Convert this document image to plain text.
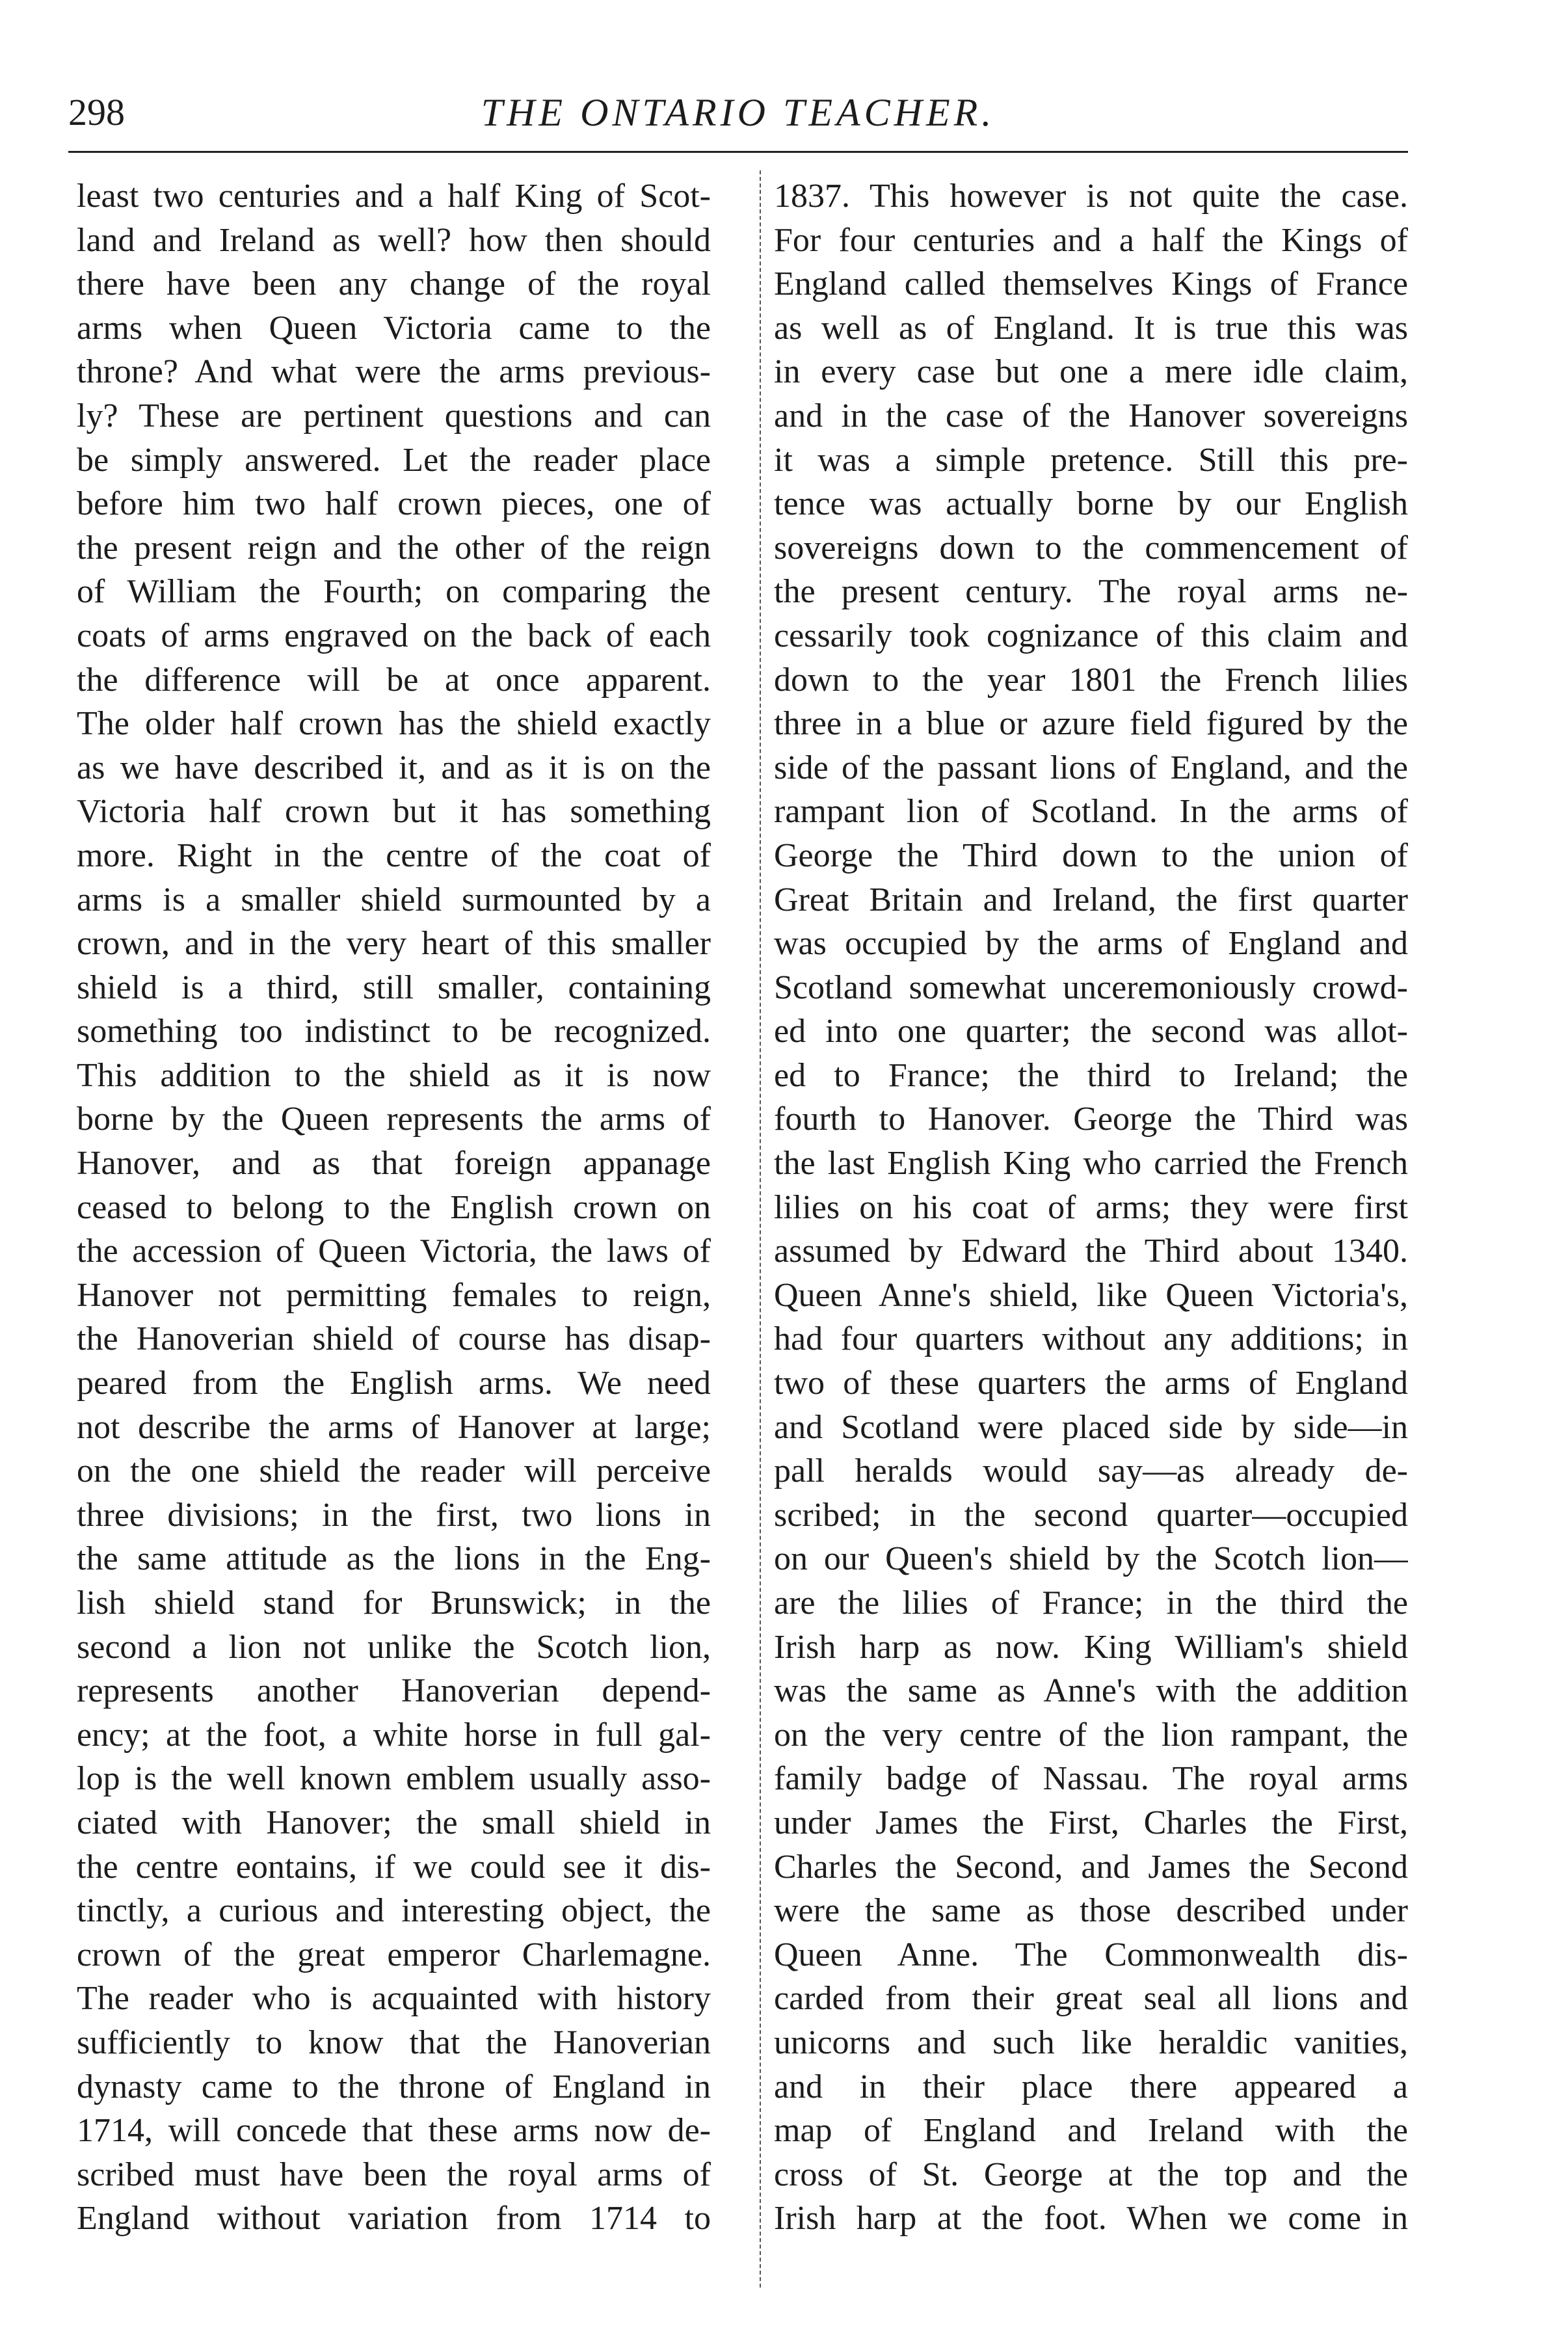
298	THE ONTARIO TEACHER.

least two centuries and a half King of Scot-
land and Ireland as well? how then should
there have been any change of the royal
arms when Queen Victoria came to the
throne? And what were the arms previous-
ly? These are pertinent questions and can
be simply answered. Let the reader place
before him two half crown pieces, one of
the present reign and the other of the reign
of William the Fourth; on comparing the
coats of arms engraved on the back of each
the difference will be at once apparent.
The older half crown has the shield exactly
as we have described it, and as it is on the
Victoria half crown but it has something
more. Right in the centre of the coat of
arms is a smaller shield surmounted by a
crown, and in the very heart of this smaller
shield is a third, still smaller, containing
something too indistinct to be recognized.
This addition to the shield as it is now
borne by the Queen represents the arms of
Hanover, and as that foreign appanage
ceased to belong to the English crown on
the accession of Queen Victoria, the laws of
Hanover not permitting females to reign,
the Hanoverian shield of course has disap-
peared from the English arms. We need
not describe the arms of Hanover at large;
on the one shield the reader will perceive
three divisions; in the first, two lions in
the same attitude as the lions in the Eng-
lish shield stand for Brunswick; in the
second a lion not unlike the Scotch lion,
represents another Hanoverian depend-
ency; at the foot, a white horse in full gal-
lop is the well known emblem usually asso-
ciated with Hanover; the small shield in
the centre eontains, if we could see it dis-
tinctly, a curious and interesting object, the
crown of the great emperor Charlemagne.
The reader who is acquainted with history
sufficiently to know that the Hanoverian
dynasty came to the throne of England in
1714, will concede that these arms now de-
scribed must have been the royal arms of
England without variation from 1714 to

1837. This however is not quite the case.
For four centuries and a half the Kings of
England called themselves Kings of France
as well as of England. It is true this was
in every case but one a mere idle claim,
and in the case of the Hanover sovereigns
it was a simple pretence. Still this pre-
tence was actually borne by our English
sovereigns down to the commencement of
the present century. The royal arms ne-
cessarily took cognizance of this claim and
down to the year 1801 the French lilies
three in a blue or azure field figured by the
side of the passant lions of England, and the
rampant lion of Scotland. In the arms of
George the Third down to the union of
Great Britain and Ireland, the first quarter
was occupied by the arms of England and
Scotland somewhat unceremoniously crowd-
ed into one quarter; the second was allot-
ed to France; the third to Ireland; the
fourth to Hanover. George the Third was
the last English King who carried the French
lilies on his coat of arms; they were first
assumed by Edward the Third about 1340.
Queen Anne's shield, like Queen Victoria's,
had four quarters without any additions; in
two of these quarters the arms of England
and Scotland were placed side by side—in
pall heralds would say—as already de-
scribed; in the second quarter—occupied
on our Queen's shield by the Scotch lion—
are the lilies of France; in the third the
Irish harp as now. King William's shield
was the same as Anne's with the addition
on the very centre of the lion rampant, the
family badge of Nassau. The royal arms
under James the First, Charles the First,
Charles the Second, and James the Second
were the same as those described under
Queen Anne. The Commonwealth dis-
carded from their great seal all lions and
unicorns and such like heraldic vanities,
and in their place there appeared a
map of England and Ireland with the
cross of St. George at the top and the
Irish harp at the foot. When we come in
